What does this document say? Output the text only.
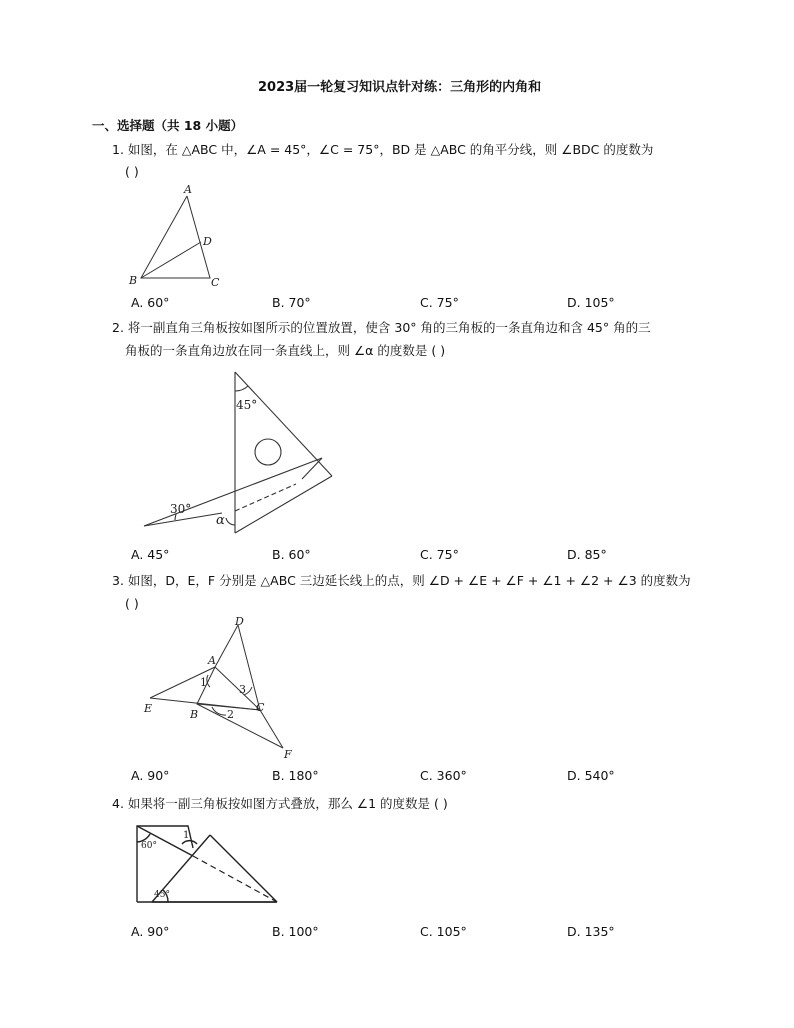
2023届一轮复习知识点针对练：三角形的内角和
一、选择题（共 18 小题）
1. 如图，在 △ABC 中，∠A = 45°，∠C = 75°，BD 是 △ABC 的角平分线，则 ∠BDC 的度数为
( )
A
D
B	C
A. 60°	B. 70°	C. 75°	D. 105°
2. 将一副直角三角板按如图所示的位置放置，使含 30° 角的三角板的一条直角边和含 45° 角的三
角板的一条直角边放在同一条直线上，则 ∠α 的度数是 ( )
45°
30°
α
A. 45°	B. 60°	C. 75°	D. 85°
3. 如图，D，E，F 分别是 △ABC 三边延长线上的点，则 ∠D + ∠E + ∠F + ∠1 + ∠2 + ∠3 的度数为
( )
D
A
1
3
E	B	2
C
F
A. 90°	B. 180°	C. 360°	D. 540°
4. 如果将一副三角板按如图方式叠放，那么 ∠1 的度数是 ( )
1
60°
45°
A. 90°	B. 100°	C. 105°	D. 135°
